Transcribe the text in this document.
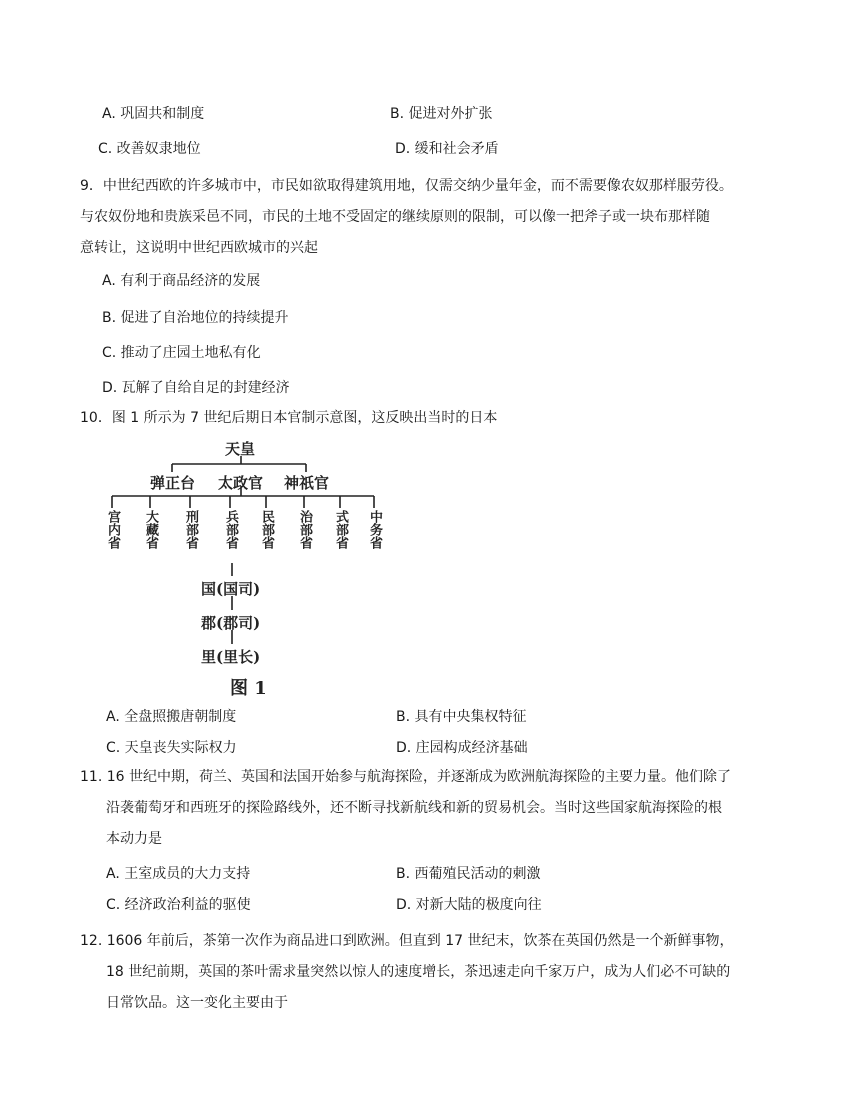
A. 巩固共和制度	B. 促进对外扩张
C. 改善奴隶地位	D. 缓和社会矛盾
9．中世纪西欧的许多城市中，市民如欲取得建筑用地，仅需交纳少量年金，而不需要像农奴那样服劳役。
与农奴份地和贵族采邑不同，市民的土地不受固定的继续原则的限制，可以像一把斧子或一块布那样随
意转让，这说明中世纪西欧城市的兴起
A. 有利于商品经济的发展
B. 促进了自治地位的持续提升
C. 推动了庄园土地私有化
D. 瓦解了自给自足的封建经济
10．图 1 所示为 7 世纪后期日本官制示意图，这反映出当时的日本
天皇
弹正台 太政官 神祇官
宫内省 大藏省 刑部省 兵部省 民部省 治部省 式部省 中务省
国(国司)
郡(郡司)
里(里长)
图 1
A. 全盘照搬唐朝制度	B. 具有中央集权特征
C. 天皇丧失实际权力	D. 庄园构成经济基础
11. 16 世纪中期，荷兰、英国和法国开始参与航海探险，并逐渐成为欧洲航海探险的主要力量。他们除了
沿袭葡萄牙和西班牙的探险路线外，还不断寻找新航线和新的贸易机会。当时这些国家航海探险的根
本动力是
A. 王室成员的大力支持	B. 西葡殖民活动的刺激
C. 经济政治利益的驱使	D. 对新大陆的极度向往
12. 1606 年前后，茶第一次作为商品进口到欧洲。但直到 17 世纪末，饮茶在英国仍然是一个新鲜事物，
18 世纪前期，英国的茶叶需求量突然以惊人的速度增长，茶迅速走向千家万户，成为人们必不可缺的
日常饮品。这一变化主要由于
